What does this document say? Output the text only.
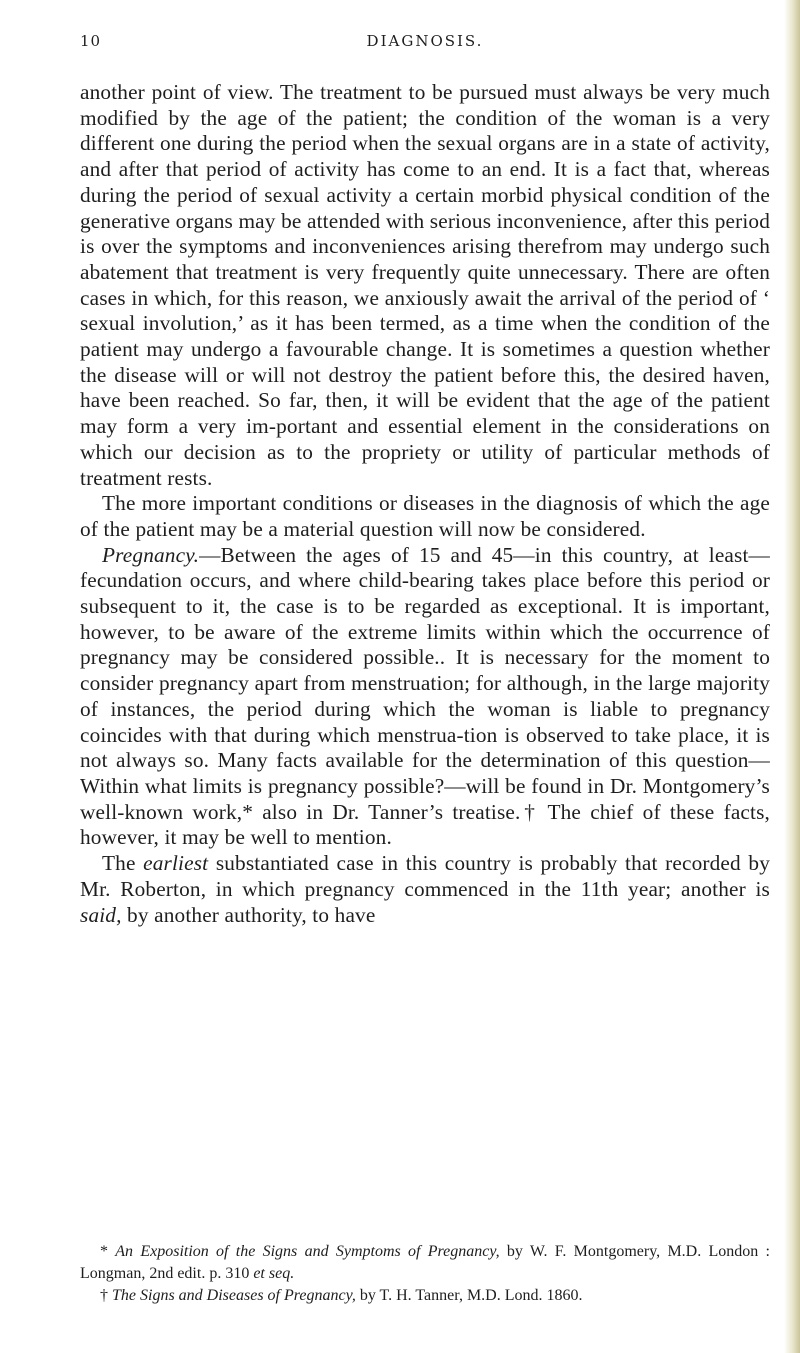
10	DIAGNOSIS.

another point of view. The treatment to be pursued must always be very much modified by the age of the patient; the condition of the woman is a very different one during the period when the sexual organs are in a state of activity, and after that period of activity has come to an end. It is a fact that, whereas during the period of sexual activity a certain morbid physical condition of the generative organs may be attended with serious inconvenience, after this period is over the symptoms and inconveniences arising therefrom may undergo such abatement that treatment is very frequently quite unnecessary. There are often cases in which, for this reason, we anxiously await the arrival of the period of ‘ sexual involution,’ as it has been termed, as a time when the condition of the patient may undergo a favourable change. It is sometimes a question whether the disease will or will not destroy the patient before this, the desired haven, have been reached. So far, then, it will be evident that the age of the patient may form a very im-portant and essential element in the considerations on which our decision as to the propriety or utility of particular methods of treatment rests.

The more important conditions or diseases in the diagnosis of which the age of the patient may be a material question will now be considered.

Pregnancy.—Between the ages of 15 and 45—in this country, at least—fecundation occurs, and where child-bearing takes place before this period or subsequent to it, the case is to be regarded as exceptional. It is important, however, to be aware of the extreme limits within which the occurrence of pregnancy may be considered possible.. It is necessary for the moment to consider pregnancy apart from menstruation; for although, in the large majority of instances, the period during which the woman is liable to pregnancy coincides with that during which menstrua-tion is observed to take place, it is not always so. Many facts available for the determination of this question—Within what limits is pregnancy possible?—will be found in Dr. Montgomery’s well-known work,* also in Dr. Tanner’s treatise.† The chief of these facts, however, it may be well to mention.

The earliest substantiated case in this country is probably that recorded by Mr. Roberton, in which pregnancy commenced in the 11th year; another is said, by another authority, to have

* An Exposition of the Signs and Symptoms of Pregnancy, by W. F. Montgomery, M.D. London : Longman, 2nd edit. p. 310 et seq.

† The Signs and Diseases of Pregnancy, by T. H. Tanner, M.D. Lond. 1860.
